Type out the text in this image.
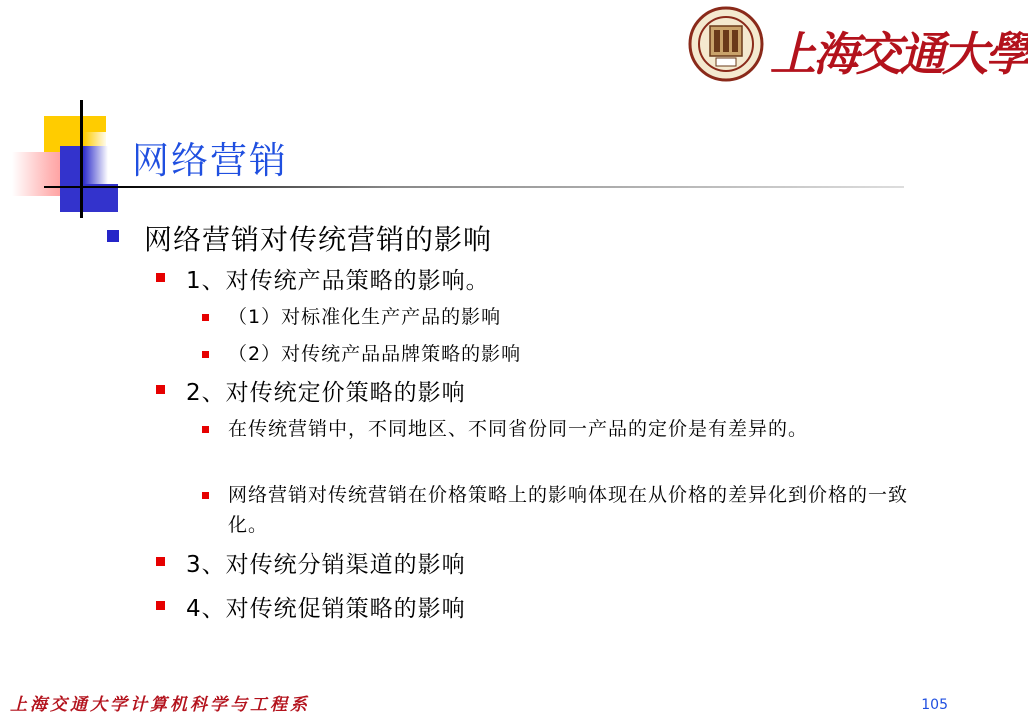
上海交通大學
网络营销
网络营销对传统营销的影响
1、对传统产品策略的影响。
（1）对标准化生产产品的影响
（2）对传统产品品牌策略的影响
2、对传统定价策略的影响
在传统营销中，不同地区、不同省份同一产品的定价是有差异的。
网络营销对传统营销在价格策略上的影响体现在从价格的差异化到价格的一致化。
3、对传统分销渠道的影响
4、对传统促销策略的影响
上海交通大学计算机科学与工程系	105
